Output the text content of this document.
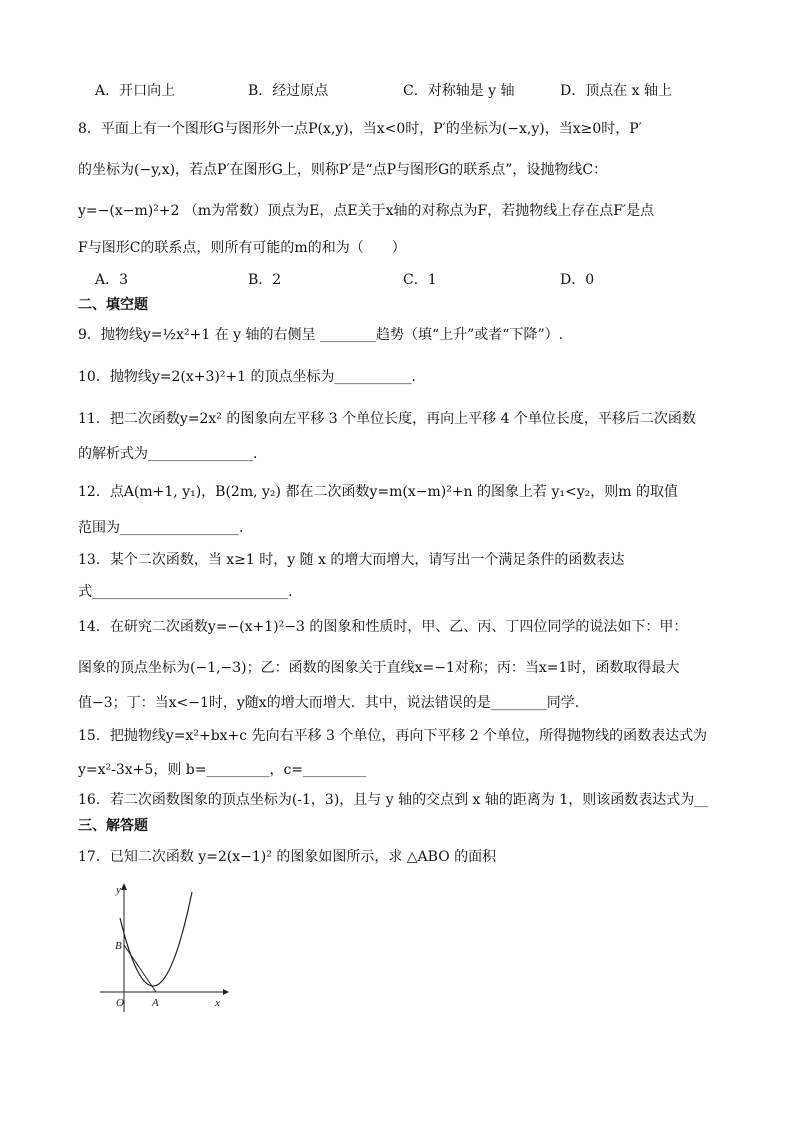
A．开口向上	B．经过原点	C．对称轴是 y 轴	D．顶点在 x 轴上
8．平面上有一个图形G与图形外一点P(x,y)，当x<0时，P′的坐标为(−x,y)，当x≥0时，P′
的坐标为(−y,x)，若点P′在图形G上，则称P′是“点P与图形G的联系点”，设抛物线C：
y=−(x−m)²+2 （m为常数）顶点为E，点E关于x轴的对称点为F，若抛物线上存在点F′是点
F与图形C的联系点，则所有可能的m的和为（　　）
A．3	B．2	C．1	D．0
二、填空题
9．抛物线y=½x²+1 在 y 轴的右侧呈 ________趋势（填“上升”或者“下降”）.
10．抛物线y=2(x+3)²+1 的顶点坐标为___________．
11．把二次函数y=2x² 的图象向左平移 3 个单位长度，再向上平移 4 个单位长度，平移后二次函数
的解析式为_______________.
12．点A(m+1, y₁)，B(2m, y₂) 都在二次函数y=m(x−m)²+n 的图象上若 y₁<y₂，则m 的取值
范围为_________________.
13．某个二次函数，当 x≥1 时，y 随 x 的增大而增大，请写出一个满足条件的函数表达
式____________________________.
14．在研究二次函数y=−(x+1)²−3 的图象和性质时，甲、乙、丙、丁四位同学的说法如下：甲：
图象的顶点坐标为(−1,−3)；乙：函数的图象关于直线x=−1对称；丙：当x=1时，函数取得最大
值−3；丁：当x<−1时，y随x的增大而增大．其中，说法错误的是________同学．
15．把抛物线y=x²+bx+c 先向右平移 3 个单位，再向下平移 2 个单位，所得抛物线的函数表达式为
y=x²-3x+5，则 b=_________，c=_________
16．若二次函数图象的顶点坐标为(-1，3)，且与 y 轴的交点到 x 轴的距离为 1，则该函数表达式为__
三、解答题
17．已知二次函数 y=2(x−1)² 的图象如图所示，求 △ABO 的面积
y
x
O	A
B
